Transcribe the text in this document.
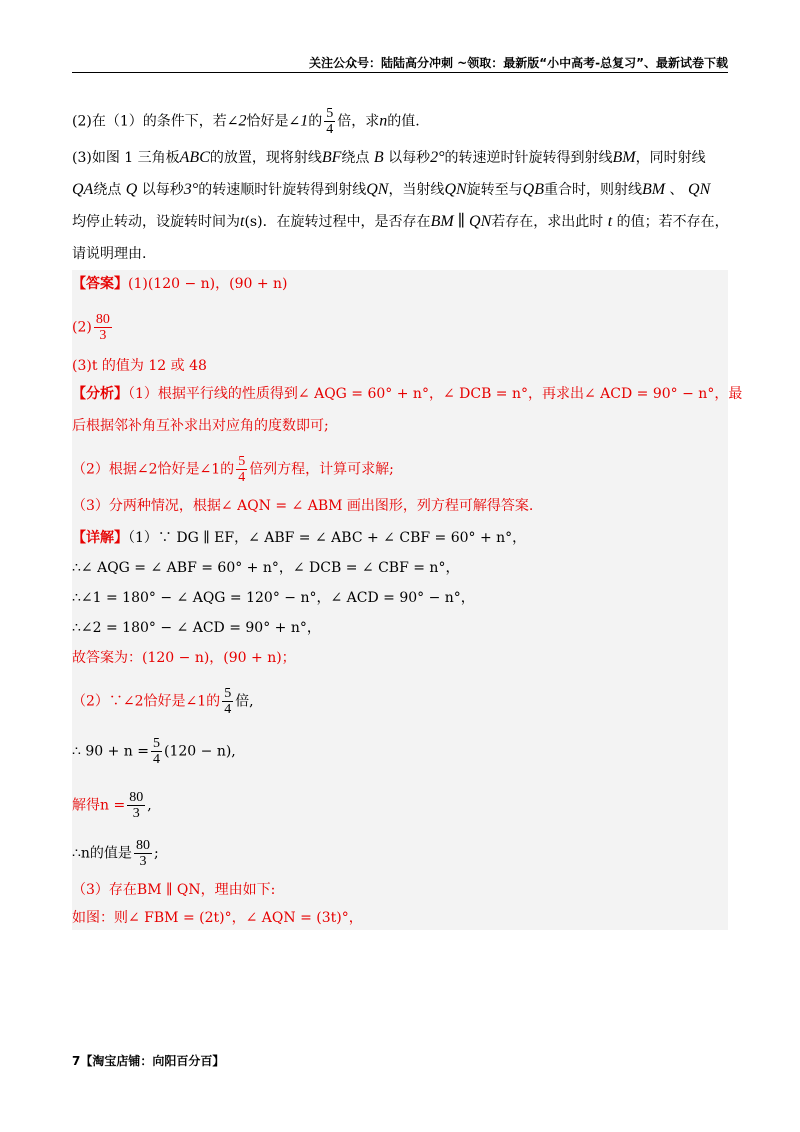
关注公众号：陆陆高分冲刺 ~领取：最新版“小中高考-总复习”、最新试卷下载
(2)在（1）的条件下，若∠2恰好是∠1的 $\frac{5}{4}$ 倍，求n的值.
(3)如图 1 三角板ABC的放置，现将射线BF绕点 B 以每秒2°的转速逆时针旋转得到射线BM，同时射线
QA绕点 Q 以每秒3°的转速顺时针旋转得到射线QN，当射线QN旋转至与QB重合时，则射线BM 、 QN
均停止转动，设旋转时间为t(s)．在旋转过程中，是否存在BM ∥ QN若存在，求出此时 t 的值；若不存在，
请说明理由.
【答案】(1)(120 − n)，(90 + n)
$(2) \frac{80}{3}$
(3)t 的值为 12 或 48
【分析】（1）根据平行线的性质得到∠ AQG = 60° + n°，∠ DCB = n°，再求出∠ ACD = 90° − n°，最
后根据邻补角互补求出对应角的度数即可;
（2）根据∠2恰好是∠1的 $\frac{5}{4}$ 倍列方程，计算可求解;
（3）分两种情况，根据∠ AQN = ∠ ABM 画出图形，列方程可解得答案.
【详解】（1）∵ DG ∥ EF，∠ ABF = ∠ ABC + ∠ CBF = 60° + n°，
∴∠ AQG = ∠ ABF = 60° + n°，∠ DCB = ∠ CBF = n°，
∴∠1 = 180° − ∠ AQG = 120° − n°，∠ ACD = 90° − n°，
∴∠2 = 180° − ∠ ACD = 90° + n°，
故答案为：(120 − n)，(90 + n)；
（2）∵∠2恰好是∠1的 $\frac{5}{4}$ 倍,
∴ $90 + n = \frac{5}{4} (120 - n)$,
解得$n = \frac{80}{3}$ ,
∴n的值是 $\frac{80}{3}$ ;
（3）存在BM ∥ QN，理由如下:
如图：则∠ FBM = (2t)°，∠ AQN = (3t)°，
7【淘宝店铺：向阳百分百】
